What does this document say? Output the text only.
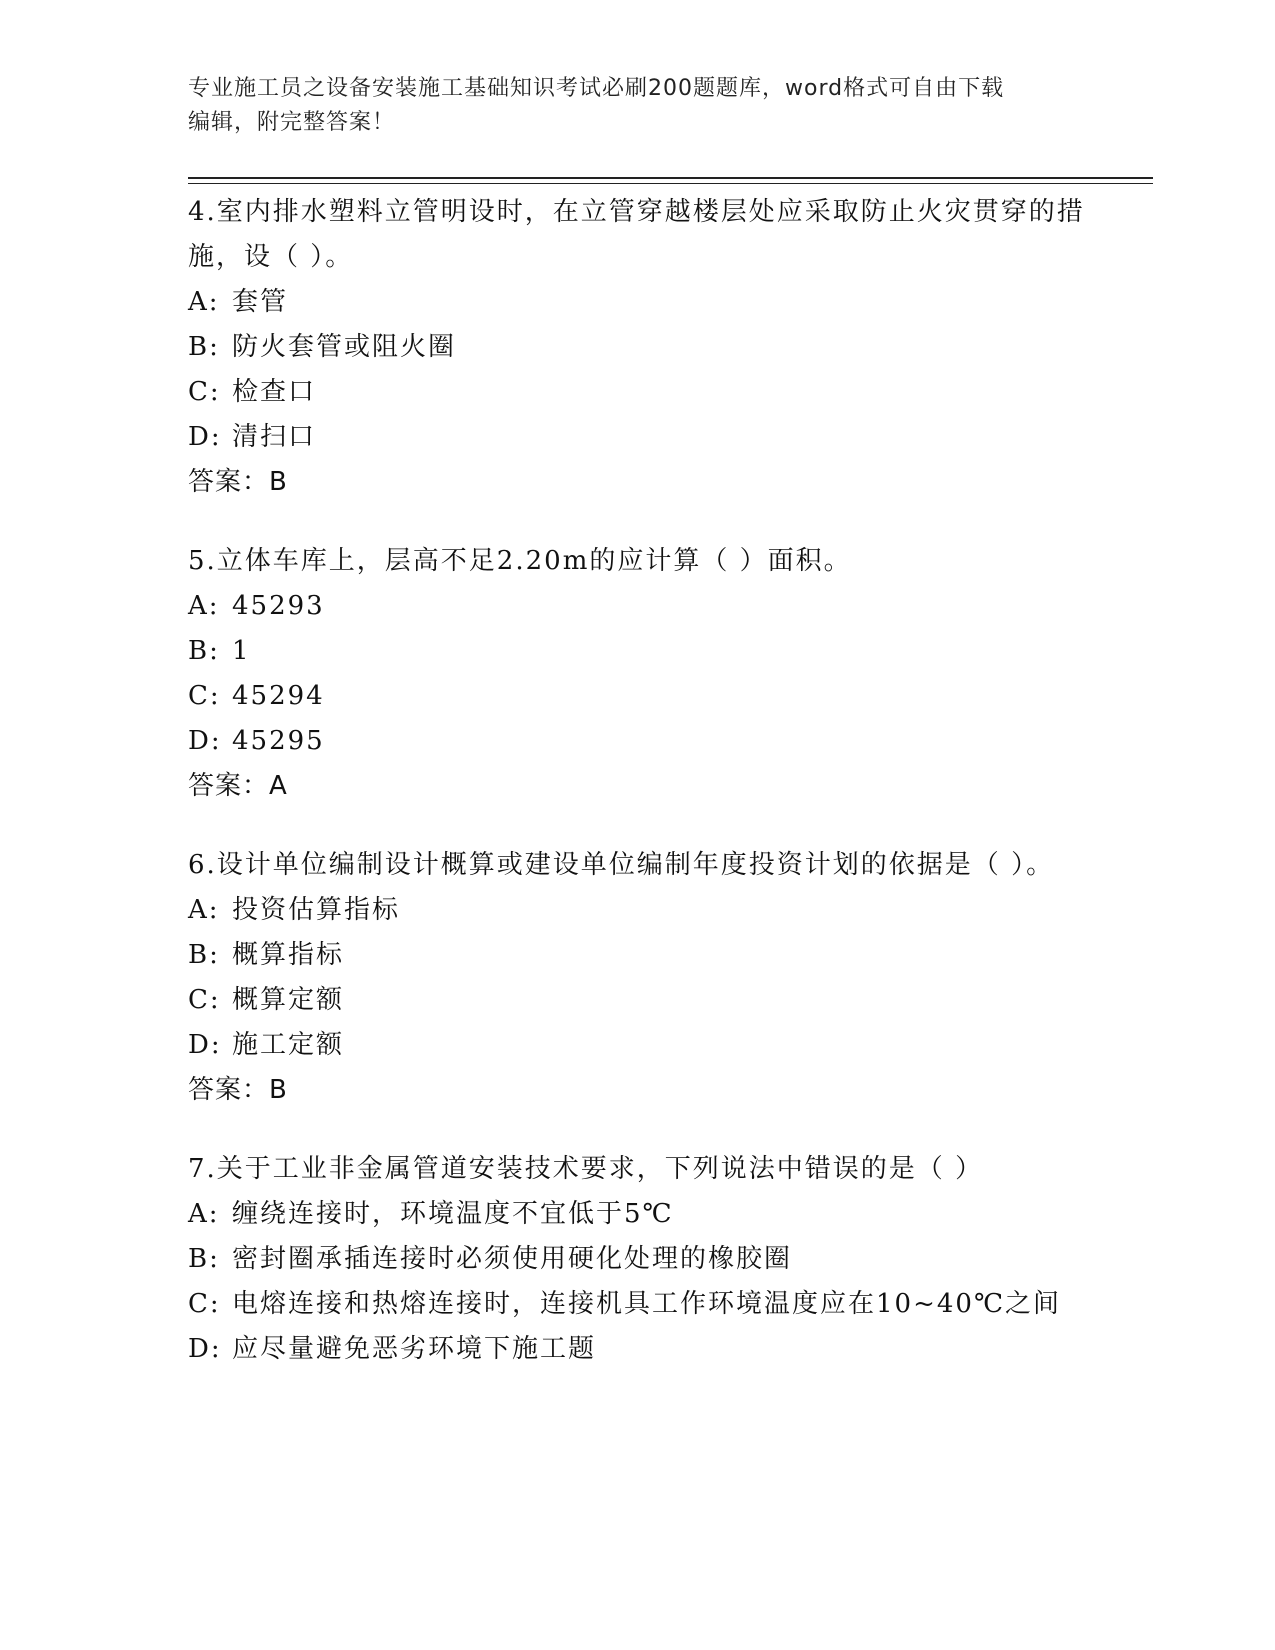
专业施工员之设备安装施工基础知识考试必刷200题题库，word格式可自由下载
编辑，附完整答案！

4.室内排水塑料立管明设时，在立管穿越楼层处应采取防止火灾贯穿的措施，设（ ）。

A: 套管
B: 防火套管或阻火圈
C: 检查口
D: 清扫口
答案：B

5.立体车库上，层高不足2.20m的应计算（ ）面积。

A: 45293
B: 1
C: 45294
D: 45295
答案：A

6.设计单位编制设计概算或建设单位编制年度投资计划的依据是（ ）。

A: 投资估算指标
B: 概算指标
C: 概算定额
D: 施工定额
答案：B

7.关于工业非金属管道安装技术要求，下列说法中错误的是（ ）

A: 缠绕连接时，环境温度不宜低于5℃
B: 密封圈承插连接时必须使用硬化处理的橡胶圈
C: 电熔连接和热熔连接时，连接机具工作环境温度应在10~40℃之间
D: 应尽量避免恶劣环境下施工题
